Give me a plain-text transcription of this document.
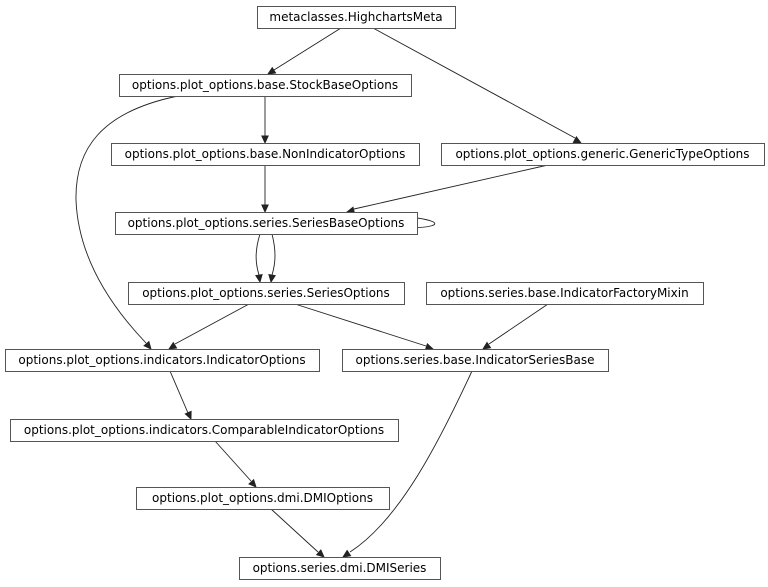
metaclasses.HighchartsMeta
options.plot_options.base.StockBaseOptions
options.plot_options.base.NonIndicatorOptions	options.plot_options.generic.GenericTypeOptions
options.plot_options.series.SeriesBaseOptions
options.plot_options.series.SeriesOptions	options.series.base.IndicatorFactoryMixin
options.plot_options.indicators.IndicatorOptions	options.series.base.IndicatorSeriesBase
options.plot_options.indicators.ComparableIndicatorOptions
options.plot_options.dmi.DMIOptions
options.series.dmi.DMISeries
